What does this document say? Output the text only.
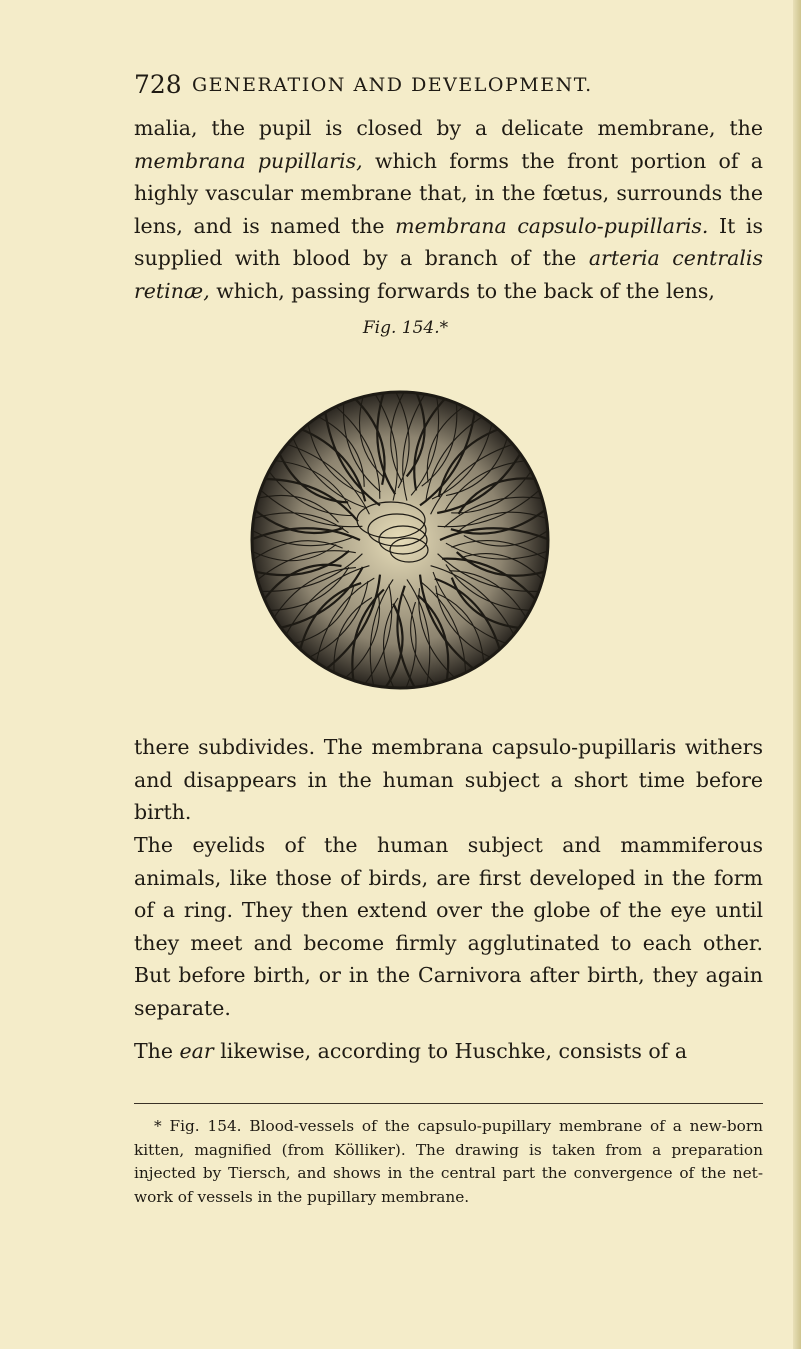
728 GENERATION AND DEVELOPMENT.

malia, the pupil is closed by a delicate membrane, the membrana pupillaris, which forms the front portion of a highly vascular membrane that, in the fœtus, surrounds the lens, and is named the membrana capsulo-pupillaris. It is supplied with blood by a branch of the arteria centralis retinæ, which, passing forwards to the back of the lens,

Fig. 154.*

there subdivides. The membrana capsulo-pupillaris withers and disappears in the human subject a short time before birth.

The eyelids of the human subject and mammiferous animals, like those of birds, are first developed in the form of a ring. They then extend over the globe of the eye until they meet and become firmly agglutinated to each other. But before birth, or in the Carnivora after birth, they again separate.

The ear likewise, according to Huschke, consists of a

* Fig. 154. Blood-vessels of the capsulo-pupillary membrane of a new-born kitten, magnified (from Kölliker). The drawing is taken from a preparation injected by Tiersch, and shows in the central part the convergence of the net-work of vessels in the pupillary membrane.
